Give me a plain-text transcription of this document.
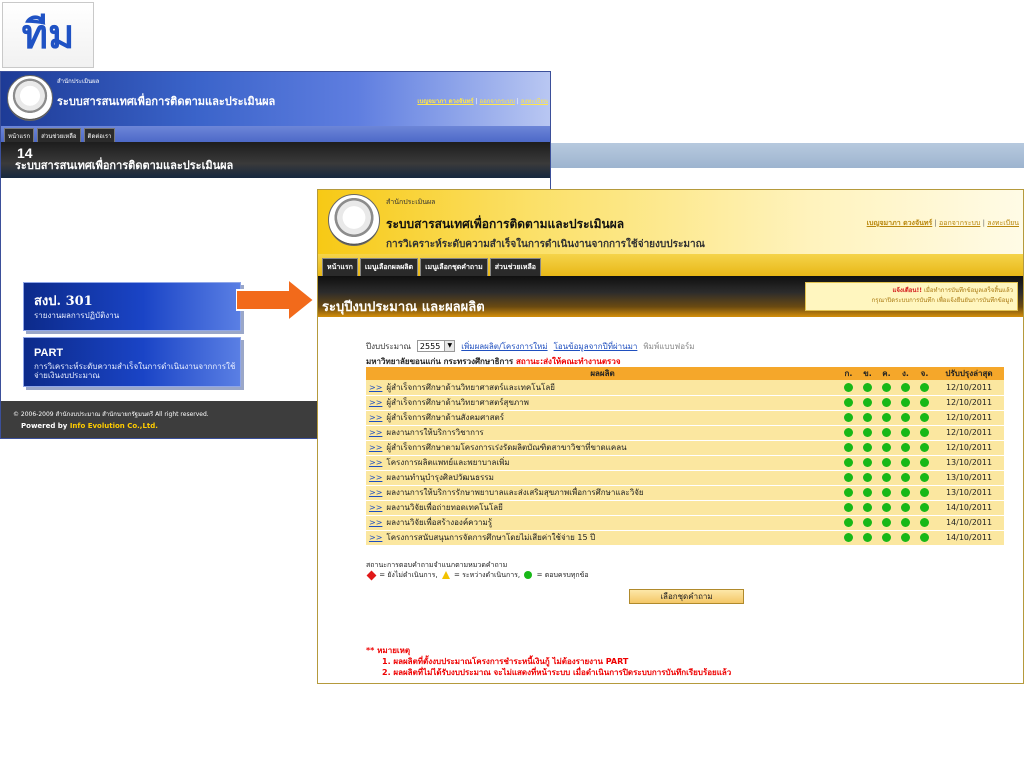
ทีม
สำนักประเมินผล
ระบบสารสนเทศเพื่อการติดตามและประเมินผล	เบญจมาภา ดวงจันทร์ | ออกจากระบบ | ลงทะเบียน
หน้าแรก	ส่วนช่วยเหลือ	ติดต่อเรา
ระบบสารสนเทศเพื่อการติดตามและประเมินผล
สงป. 301
รายงานผลการปฏิบัติงาน
PART
การวิเคราะห์ระดับความสำเร็จในการดำเนินงานจากการใช้จ่ายเงินงบประมาณ
© 2006-2009 สำนักงบประมาณ สำนักนายกรัฐมนตรี All right reserved.
Powered by Info Evolution Co.,Ltd.
14
สำนักประเมินผล
ระบบสารสนเทศเพื่อการติดตามและประเมินผล
การวิเคราะห์ระดับความสำเร็จในการดำเนินงานจากการใช้จ่ายงบประมาณ
เบญจมาภา ดวงจันทร์ | ออกจากระบบ | ลงทะเบียน
หน้าแรก	เมนูเลือกผลผลิต	เมนูเลือกชุดคำถาม	ส่วนช่วยเหลือ
ระบุปีงบประมาณ และผลผลิต
แจ้งเตือน!! เมื่อทำการบันทึกข้อมูลเสร็จสิ้นแล้ว
กรุณาปิดระบบการบันทึก เพื่อแจ้งยืนยันการบันทึกข้อมูล
ปีงบประมาณ 2555	▼ เพิ่มผลผลิต/โครงการใหม่ โอนข้อมูลจากปีที่ผ่านมา พิมพ์แบบฟอร์ม
มหาวิทยาลัยขอนแก่น กระทรวงศึกษาธิการ สถานะ:ส่งให้คณะทำงานตรวจ
ผลผลิต	ก.	ข.	ค.	ง.	จ.	ปรับปรุงล่าสุด
>> ผู้สำเร็จการศึกษาด้านวิทยาศาสตร์และเทคโนโลยี						12/10/2011
>> ผู้สำเร็จการศึกษาด้านวิทยาศาสตร์สุขภาพ						12/10/2011
>> ผู้สำเร็จการศึกษาด้านสังคมศาสตร์						12/10/2011
>> ผลงานการให้บริการวิชาการ						12/10/2011
>> ผู้สำเร็จการศึกษาตามโครงการเร่งรัดผลิตบัณฑิตสาขาวิชาที่ขาดแคลน						12/10/2011
>> โครงการผลิตแพทย์และพยาบาลเพิ่ม						13/10/2011
>> ผลงานทำนุบำรุงศิลปวัฒนธรรม						13/10/2011
>> ผลงานการให้บริการรักษาพยาบาลและส่งเสริมสุขภาพเพื่อการศึกษาและวิจัย						13/10/2011
>> ผลงานวิจัยเพื่อถ่ายทอดเทคโนโลยี						14/10/2011
>> ผลงานวิจัยเพื่อสร้างองค์ความรู้						14/10/2011
>> โครงการสนับสนุนการจัดการศึกษาโดยไม่เสียค่าใช้จ่าย 15 ปี						14/10/2011
สถานะการตอบคำถามจำแนกตามหมวดคำถาม
= ยังไม่ดำเนินการ, = ระหว่างดำเนินการ, = ตอบครบทุกข้อ
เลือกชุดคำถาม
** หมายเหตุ
1. ผลผลิตที่ตั้งงบประมาณโครงการชำระหนี้เงินกู้ ไม่ต้องรายงาน PART
2. ผลผลิตที่ไม่ได้รับงบประมาณ จะไม่แสดงที่หน้าระบบ เมื่อดำเนินการปิดระบบการบันทึกเรียบร้อยแล้ว
